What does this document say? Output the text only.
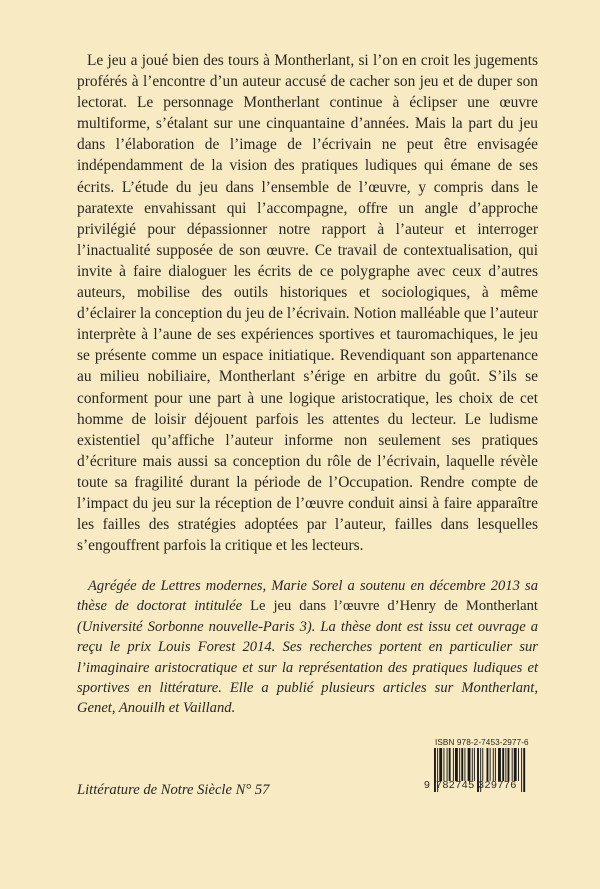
Le jeu a joué bien des tours à Montherlant, si l’on en croit les jugements proférés à l’encontre d’un auteur accusé de cacher son jeu et de duper son lectorat. Le personnage Montherlant continue à éclipser une œuvre multiforme, s’étalant sur une cinquantaine d’années. Mais la part du jeu dans l’élaboration de l’image de l’écrivain ne peut être envisagée indépendamment de la vision des pratiques ludiques qui émane de ses écrits. L’étude du jeu dans l’ensemble de l’œuvre, y compris dans le paratexte envahissant qui l’accompagne, offre un angle d’approche privilégié pour dépassionner notre rapport à l’auteur et interroger l’inactualité supposée de son œuvre. Ce travail de contextualisation, qui invite à faire dialoguer les écrits de ce polygraphe avec ceux d’autres auteurs, mobilise des outils historiques et sociologiques, à même d’éclairer la conception du jeu de l’écrivain. Notion malléable que l’auteur interprète à l’aune de ses expériences sportives et tauromachiques, le jeu se présente comme un espace initiatique. Revendiquant son appartenance au milieu nobiliaire, Montherlant s’érige en arbitre du goût. S’ils se conforment pour une part à une logique aristocratique, les choix de cet homme de loisir déjouent parfois les attentes du lecteur. Le ludisme existentiel qu’affiche l’auteur informe non seulement ses pratiques d’écriture mais aussi sa conception du rôle de l’écrivain, laquelle révèle toute sa fragilité durant la période de l’Occupation. Rendre compte de l’impact du jeu sur la réception de l’œuvre conduit ainsi à faire apparaître les failles des stratégies adoptées par l’auteur, failles dans lesquelles s’engouffrent parfois la critique et les lecteurs.

Agrégée de Lettres modernes, Marie Sorel a soutenu en décembre 2013 sa thèse de doctorat intitulée Le jeu dans l’œuvre d’Henry de Montherlant (Université Sorbonne nouvelle-Paris 3). La thèse dont est issu cet ouvrage a reçu le prix Louis Forest 2014. Ses recherches portent en particulier sur l’imaginaire aristocratique et sur la représentation des pratiques ludiques et sportives en littérature. Elle a publié plusieurs articles sur Montherlant, Genet, Anouilh et Vailland.

Littérature de Notre Siècle N° 57

ISBN 978-2-7453-2977-6
9 782745 329776
